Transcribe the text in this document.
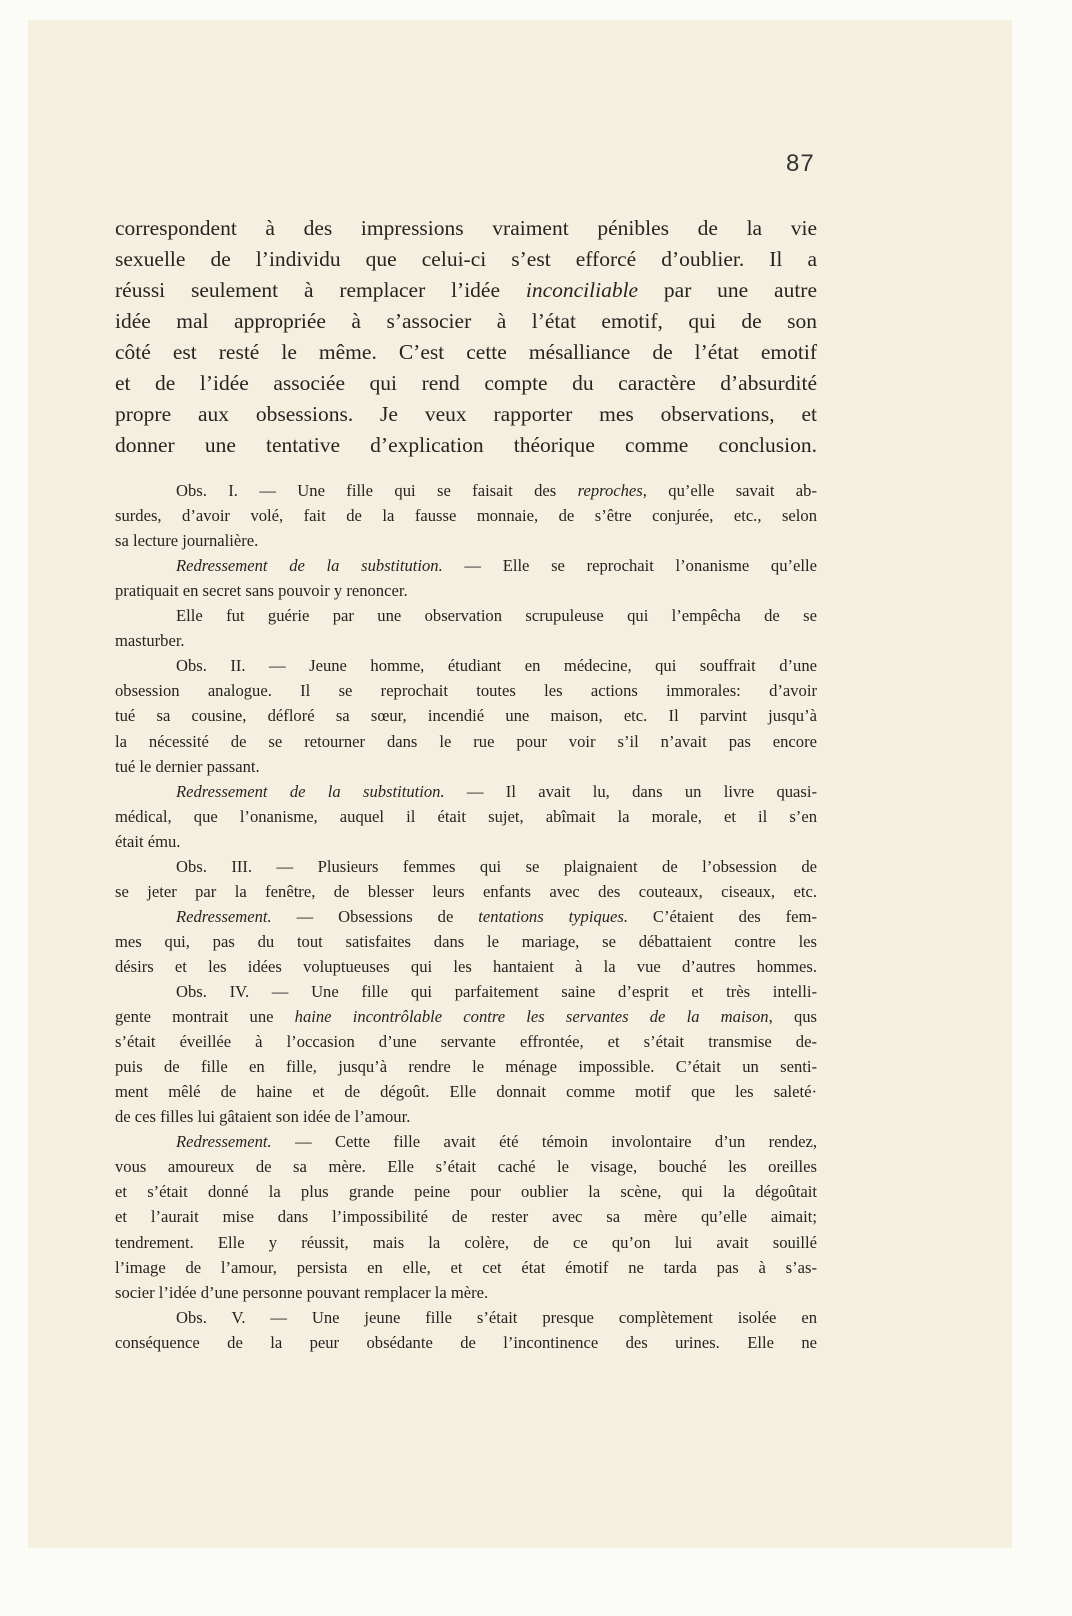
87
correspondent à des impressions vraiment pénibles de la vie
sexuelle de l’individu que celui-ci s’est efforcé d’oublier. Il a
réussi seulement à remplacer l’idée inconciliable par une autre
idée mal appropriée à s’associer à l’état emotif, qui de son
côté est resté le même. C’est cette mésalliance de l’état emotif
et de l’idée associée qui rend compte du caractère d’absurdité
propre aux obsessions. Je veux rapporter mes observations, et
donner une tentative d’explication théorique comme conclusion.
Obs. I. — Une fille qui se faisait des reproches, qu’elle savait ab-
surdes, d’avoir volé, fait de la fausse monnaie, de s’être conjurée, etc., selon
sa lecture journalière.
Redressement de la substitution. — Elle se reprochait l’onanisme qu’elle
pratiquait en secret sans pouvoir y renoncer.
Elle fut guérie par une observation scrupuleuse qui l’empêcha de se
masturber.
Obs. II. — Jeune homme, étudiant en médecine, qui souffrait d’une
obsession analogue. Il se reprochait toutes les actions immorales: d’avoir
tué sa cousine, défloré sa sœur, incendié une maison, etc. Il parvint jusqu’à
la nécessité de se retourner dans le rue pour voir s’il n’avait pas encore
tué le dernier passant.
Redressement de la substitution. — Il avait lu, dans un livre quasi-
médical, que l’onanisme, auquel il était sujet, abîmait la morale, et il s’en
était ému.
Obs. III. — Plusieurs femmes qui se plaignaient de l’obsession de
se jeter par la fenêtre, de blesser leurs enfants avec des couteaux, ciseaux, etc.
Redressement. — Obsessions de tentations typiques. C’étaient des fem-
mes qui, pas du tout satisfaites dans le mariage, se débattaient contre les
désirs et les idées voluptueuses qui les hantaient à la vue d’autres hommes.
Obs. IV. — Une fille qui parfaitement saine d’esprit et très intelli-
gente montrait une haine incontrôlable contre les servantes de la maison, qus
s’était éveillée à l’occasion d’une servante effrontée, et s’était transmise de-
puis de fille en fille, jusqu’à rendre le ménage impossible. C’était un senti-
ment mêlé de haine et de dégoût. Elle donnait comme motif que les saleté·
de ces filles lui gâtaient son idée de l’amour.
Redressement. — Cette fille avait été témoin involontaire d’un rendez,
vous amoureux de sa mère. Elle s’était caché le visage, bouché les oreilles
et s’était donné la plus grande peine pour oublier la scène, qui la dégoûtait
et l’aurait mise dans l’impossibilité de rester avec sa mère qu’elle aimait;
tendrement. Elle y réussit, mais la colère, de ce qu’on lui avait souillé
l’image de l’amour, persista en elle, et cet état émotif ne tarda pas à s’as-
socier l’idée d’une personne pouvant remplacer la mère.
Obs. V. — Une jeune fille s’était presque complètement isolée en
conséquence de la peur obsédante de l’incontinence des urines. Elle ne
